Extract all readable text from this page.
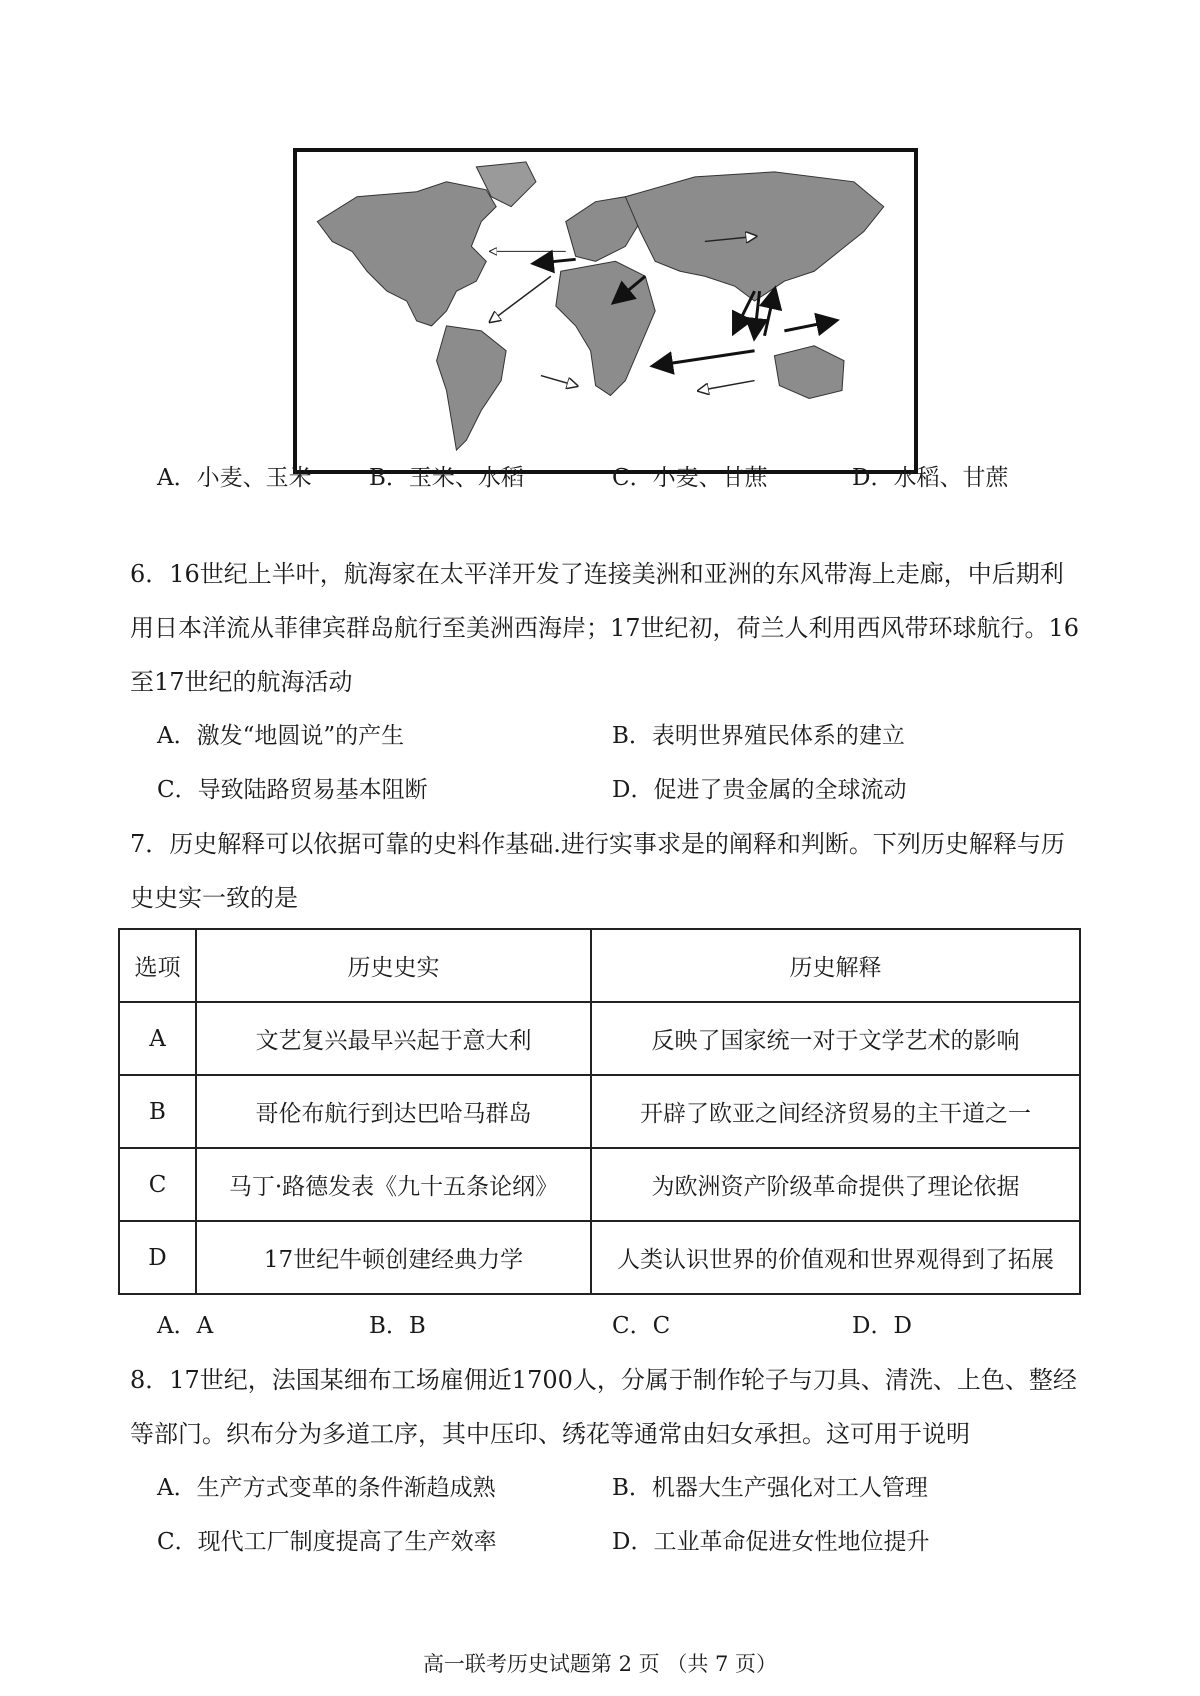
A．小麦、玉米 B．玉米、水稻	C．小麦、甘蔗	D．水稻、甘蔗
6．16世纪上半叶，航海家在太平洋开发了连接美洲和亚洲的东风带海上走廊，中后期利
用日本洋流从菲律宾群岛航行至美洲西海岸；17世纪初，荷兰人利用西风带环球航行。16
至17世纪的航海活动
A．激发“地圆说”的产生	B．表明世界殖民体系的建立
C．导致陆路贸易基本阻断	D．促进了贵金属的全球流动
7．历史解释可以依据可靠的史料作基础.进行实事求是的阐释和判断。下列历史解释与历
史史实一致的是
选项	历史史实	历史解释
A	文艺复兴最早兴起于意大利	反映了国家统一对于文学艺术的影响
B	哥伦布航行到达巴哈马群岛	开辟了欧亚之间经济贸易的主干道之一
C	马丁·路德发表《九十五条论纲》	为欧洲资产阶级革命提供了理论依据
D	17世纪牛顿创建经典力学	人类认识世界的价值观和世界观得到了拓展
A．A	B．B	C．C	D．D
8．17世纪，法国某细布工场雇佣近1700人，分属于制作轮子与刀具、清洗、上色、整经
等部门。织布分为多道工序，其中压印、绣花等通常由妇女承担。这可用于说明
A．生产方式变革的条件渐趋成熟	B．机器大生产强化对工人管理
C．现代工厂制度提高了生产效率	D．工业革命促进女性地位提升
高一联考历史试题第 2 页 （共 7 页）
